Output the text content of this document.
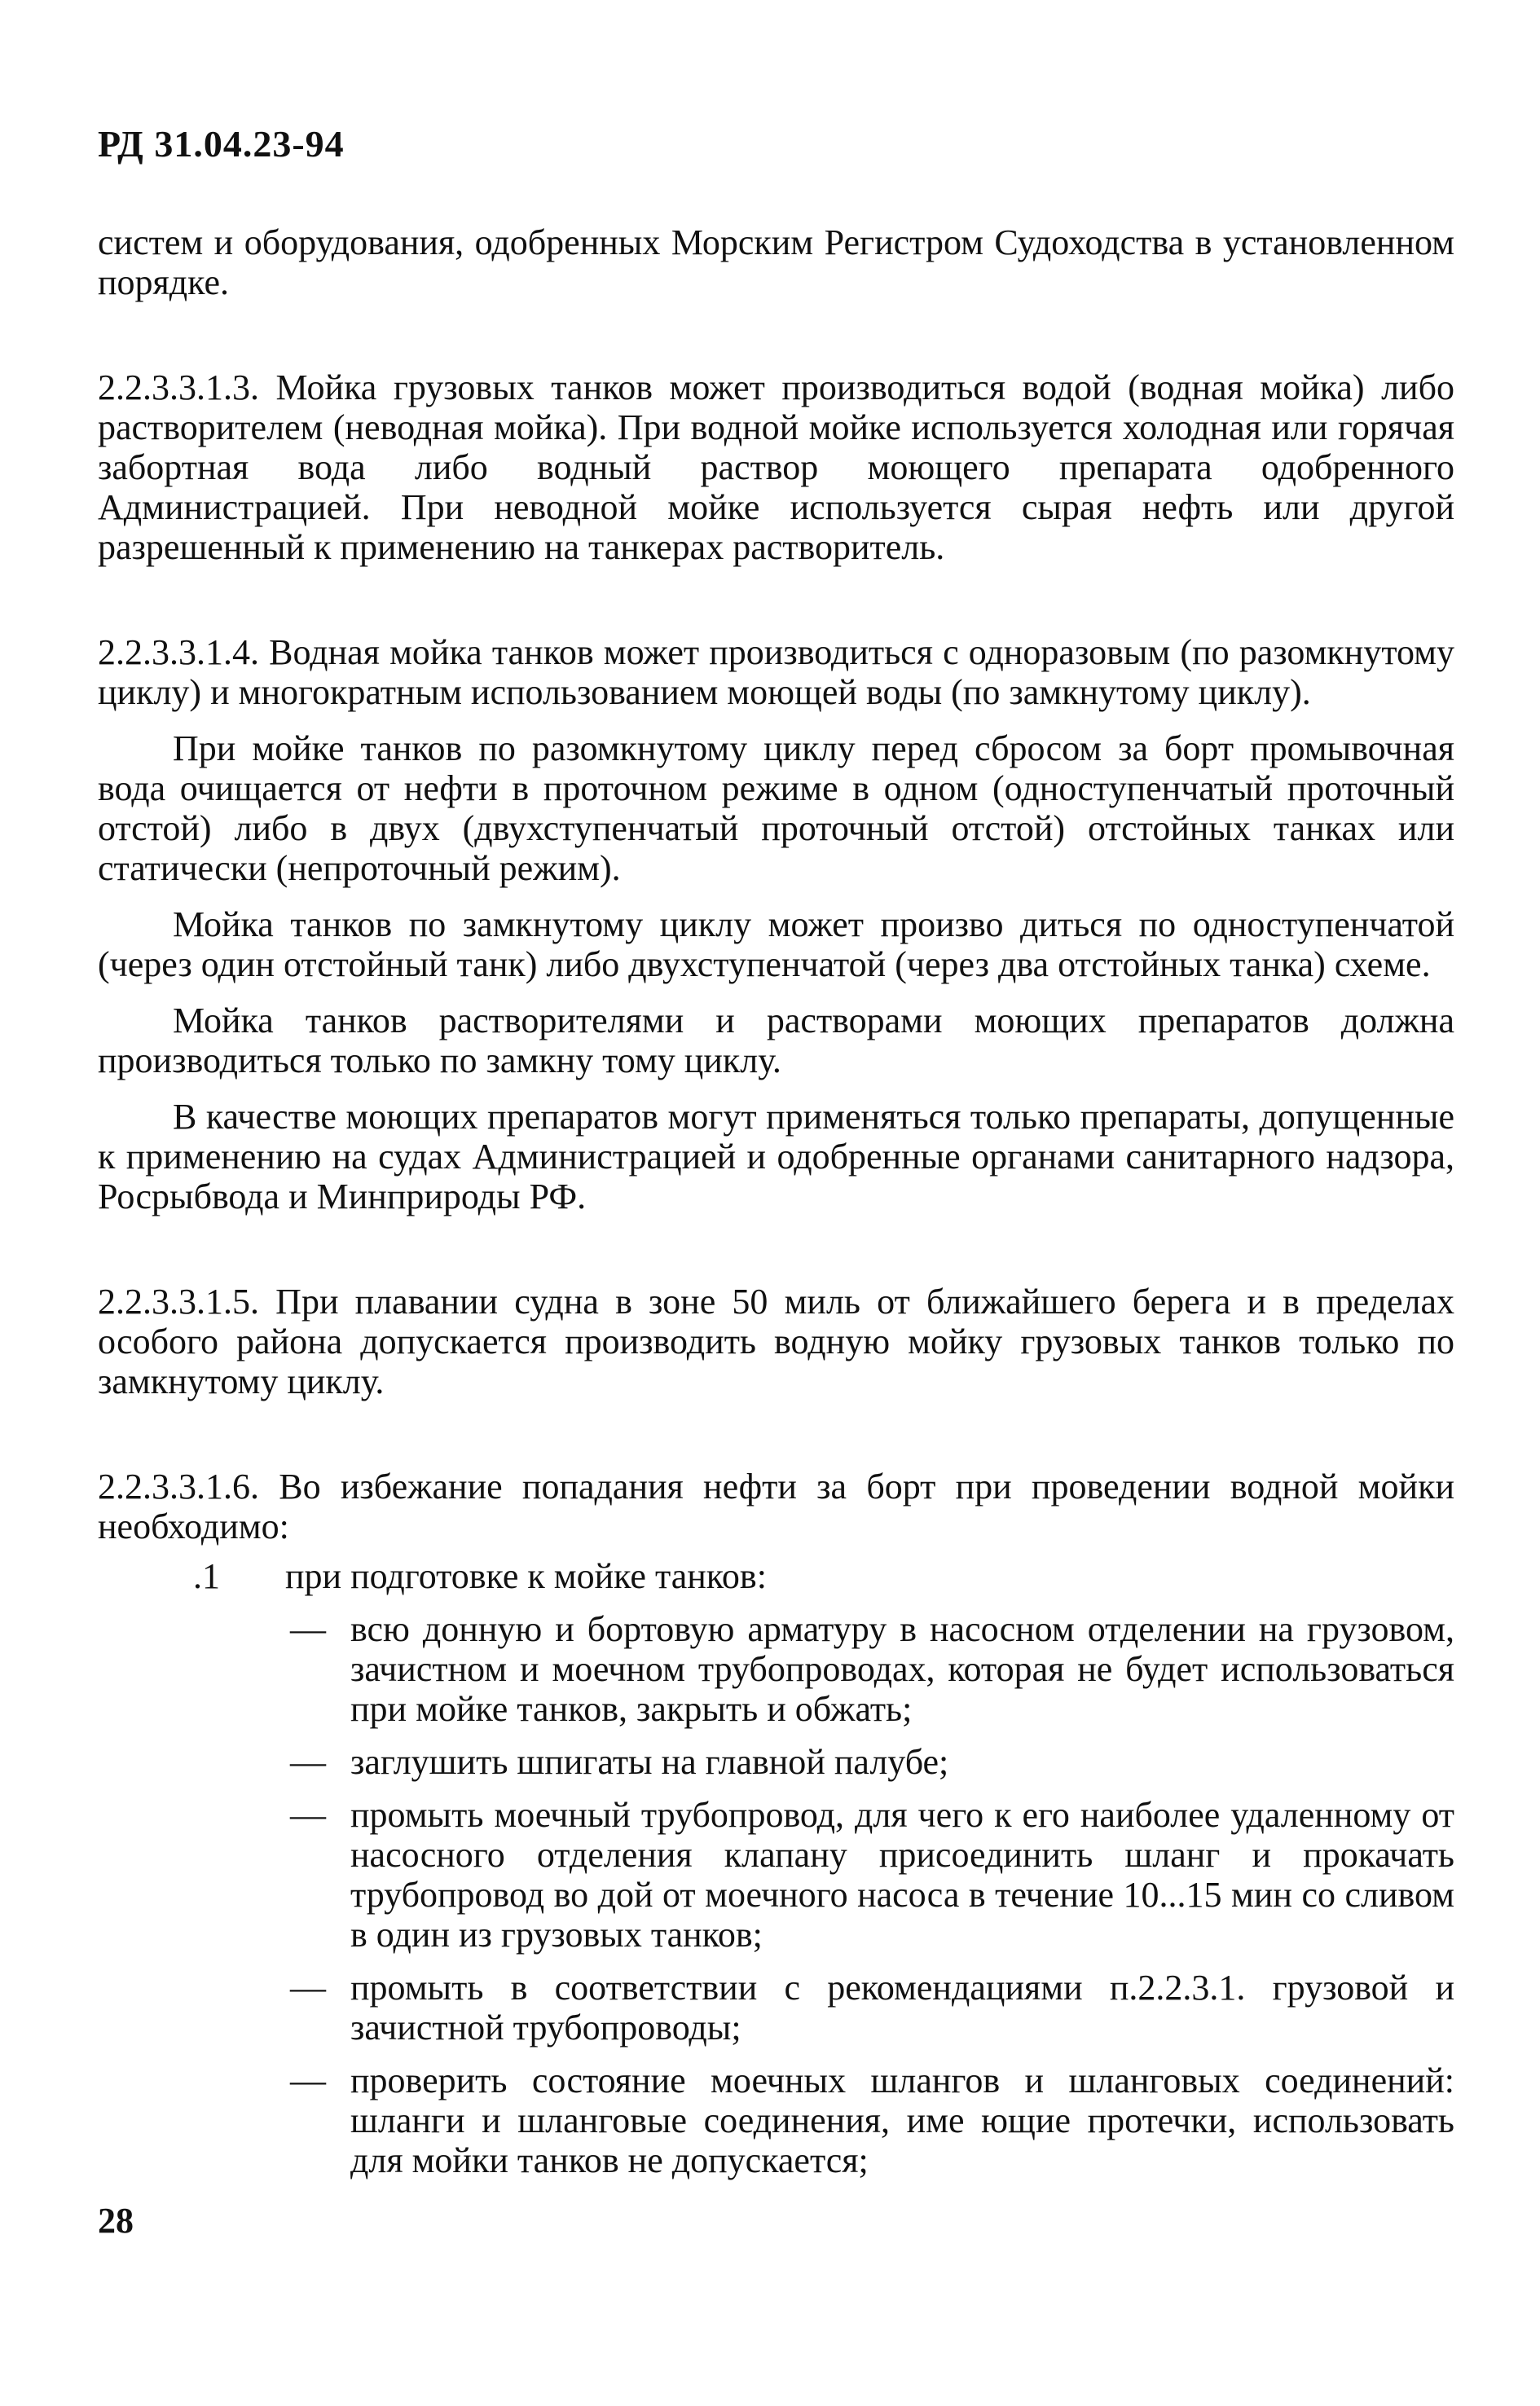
РД 31.04.23-94

систем и оборудования, одобренных Морским Регистром Судоходства в установленном порядке.

2.2.3.3.1.3. Мойка грузовых танков может производиться водой (водная мойка) либо растворителем (неводная мойка). При водной мойке используется холодная или горячая забортная вода либо водный раствор моющего препарата одобренного Администрацией. При неводной мойке используется сырая нефть или другой разрешенный к применению на танкерах растворитель.

2.2.3.3.1.4. Водная мойка танков может производиться с одноразовым (по разомкнутому циклу) и многократным использованием моющей воды (по замкнутому циклу).

При мойке танков по разомкнутому циклу перед сбросом за борт промывочная вода очищается от нефти в проточном режиме в одном (одноступенчатый проточный отстой) либо в двух (двухступенчатый проточный отстой) отстойных танках или статически (непроточный режим).

Мойка танков по замкнутому циклу может произво диться по одноступенчатой (через один отстойный танк) либо двухступенчатой (через два отстойных танка) схеме.

Мойка танков растворителями и растворами моющих препаратов должна производиться только по замкну тому циклу.

В качестве моющих препаратов могут применяться только препараты, допущенные к применению на судах Администрацией и одобренные органами санитарного надзора, Росрыбвода и Минприроды РФ.

2.2.3.3.1.5. При плавании судна в зоне 50 миль от ближайшего берега и в пределах особого района допускается производить водную мойку грузовых танков только по замкнутому циклу.

2.2.3.3.1.6. Во избежание попадания нефти за борт при проведении водной мойки необходимо:

.1	при подготовке к мойке танков:
— всю донную и бортовую арматуру в насосном отделении на грузовом, зачистном и моечном трубопроводах, которая не будет использоваться при мойке танков, закрыть и обжать;
— заглушить шпигаты на главной палубе;
— промыть моечный трубопровод, для чего к его наиболее удаленному от насосного отделения клапану присоединить шланг и прокачать трубопровод во дой от моечного насоса в течение 10...15 мин со сливом в один из грузовых танков;
— промыть в соответствии с рекомендациями п.2.2.3.1. грузовой и зачистной трубопроводы;
— проверить состояние моечных шлангов и шланговых соединений: шланги и шланговые соединения, име ющие протечки, использовать для мойки танков не допускается;
28
